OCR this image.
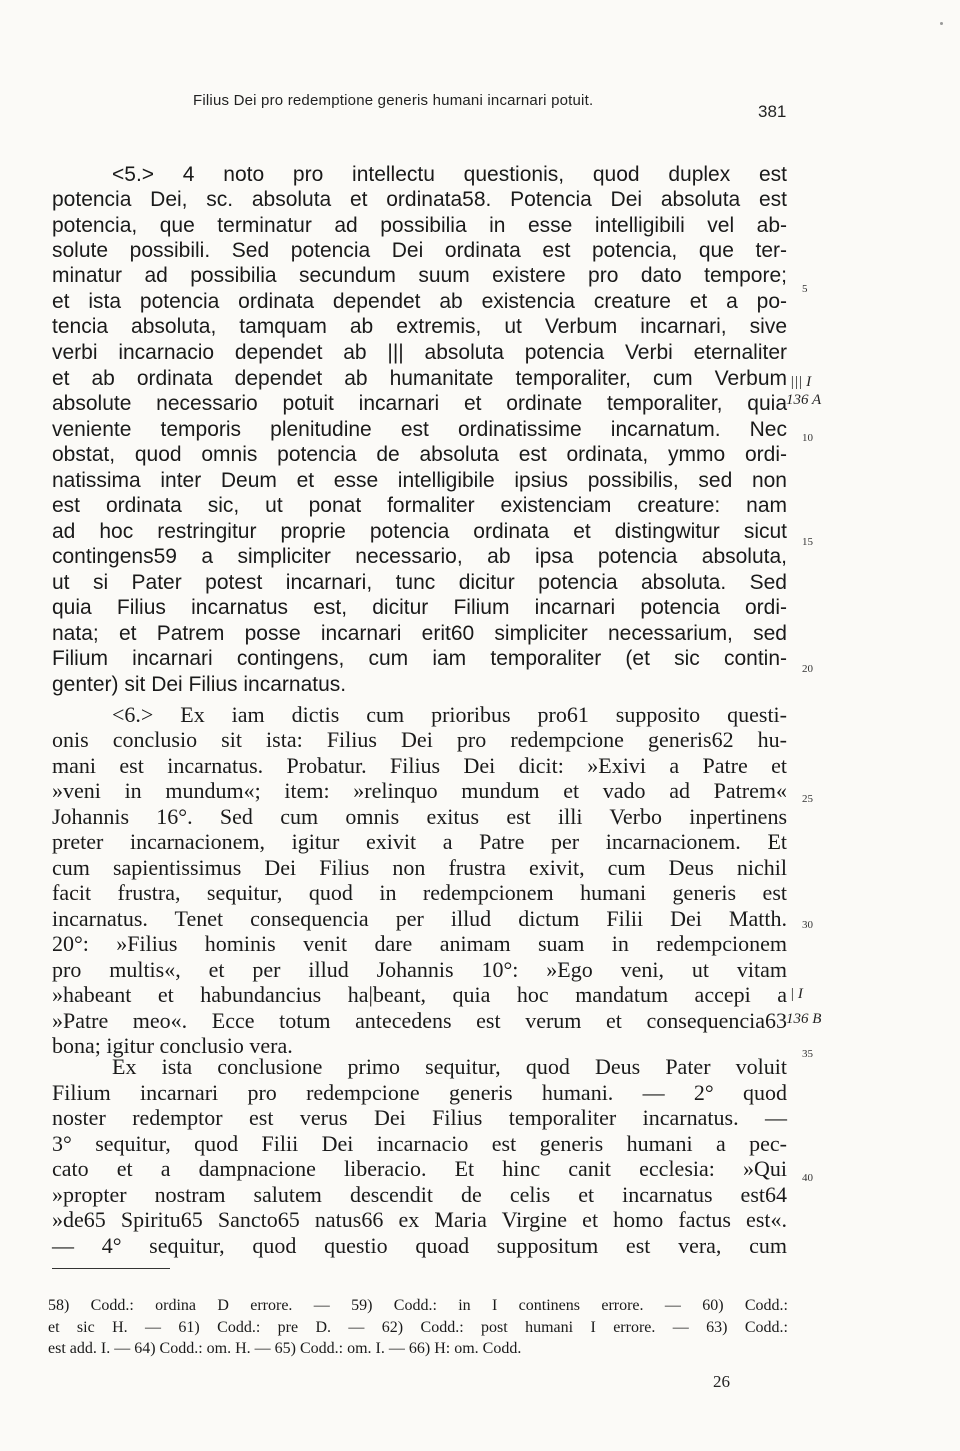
Filius Dei pro redemptione generis humani incarnari potuit.
381
<5.> 4 noto pro intellectu questionis, quod duplex est
potencia Dei, sc. absoluta et ordinata58. Potencia Dei absoluta est
potencia, que terminatur ad possibilia in esse intelligibili vel ab-
solute possibili. Sed potencia Dei ordinata est potencia, que ter-
minatur ad possibilia secundum suum existere pro dato tempore;
et ista potencia ordinata dependet ab existencia creature et a po-
tencia absoluta, tamquam ab extremis, ut Verbum incarnari, sive
verbi incarnacio dependet ab ||| absoluta potencia Verbi eternaliter
et ab ordinata dependet ab humanitate temporaliter, cum Verbum
absolute necessario potuit incarnari et ordinate temporaliter, quia
veniente temporis plenitudine est ordinatissime incarnatum. Nec
obstat, quod omnis potencia de absoluta est ordinata, ymmo ordi-
natissima inter Deum et esse intelligibile ipsius possibilis, sed non
est ordinata sic, ut ponat formaliter existenciam creature: nam
ad hoc restringitur proprie potencia ordinata et distingwitur sicut
contingens59 a simpliciter necessario, ab ipsa potencia absoluta,
ut si Pater potest incarnari, tunc dicitur potencia absoluta. Sed
quia Filius incarnatus est, dicitur Filium incarnari potencia ordi-
nata; et Patrem posse incarnari erit60 simpliciter necessarium, sed
Filium incarnari contingens, cum iam temporaliter (et sic contin-
genter) sit Dei Filius incarnatus.
<6.> Ex iam dictis cum prioribus pro61 supposito questi-
onis conclusio sit ista: Filius Dei pro redempcione generis62 hu-
mani est incarnatus. Probatur. Filius Dei dicit: »Exivi a Patre et
»veni in mundum«; item: »relinquo mundum et vado ad Patrem«
Johannis 16°. Sed cum omnis exitus est illi Verbo inpertinens
preter incarnacionem, igitur exivit a Patre per incarnacionem. Et
cum sapientissimus Dei Filius non frustra exivit, cum Deus nichil
facit frustra, sequitur, quod in redempcionem humani generis est
incarnatus. Tenet consequencia per illud dictum Filii Dei Matth.
20°: »Filius hominis venit dare animam suam in redempcionem
pro multis«, et per illud Johannis 10°: »Ego veni, ut vitam
»habeant et habundancius ha|beant, quia hoc mandatum accepi a
»Patre meo«. Ecce totum antecedens est verum et consequencia63
bona; igitur conclusio vera.
Ex ista conclusione primo sequitur, quod Deus Pater voluit
Filium incarnari pro redempcione generis humani. — 2° quod
noster redemptor est verus Dei Filius temporaliter incarnatus. —
3° sequitur, quod Filii Dei incarnacio est generis humani a pec-
cato et a dampnacione liberacio. Et hinc canit ecclesia: »Qui
»propter nostram salutem descendit de celis et incarnatus est64
»de65 Spiritu65 Sancto65 natus66 ex Maria Virgine et homo factus est«.
— 4° sequitur, quod questio quoad suppositum est vera, cum
5
10
15
20
25
30
35
40
||| I
136 A
| I
136 B
58) Codd.: ordina D errore. — 59) Codd.: in I continens errore. — 60) Codd.:
et sic H. — 61) Codd.: pre D. — 62) Codd.: post humani I errore. — 63) Codd.:
est add. I. — 64) Codd.: om. H. — 65) Codd.: om. I. — 66) H: om. Codd.
26
